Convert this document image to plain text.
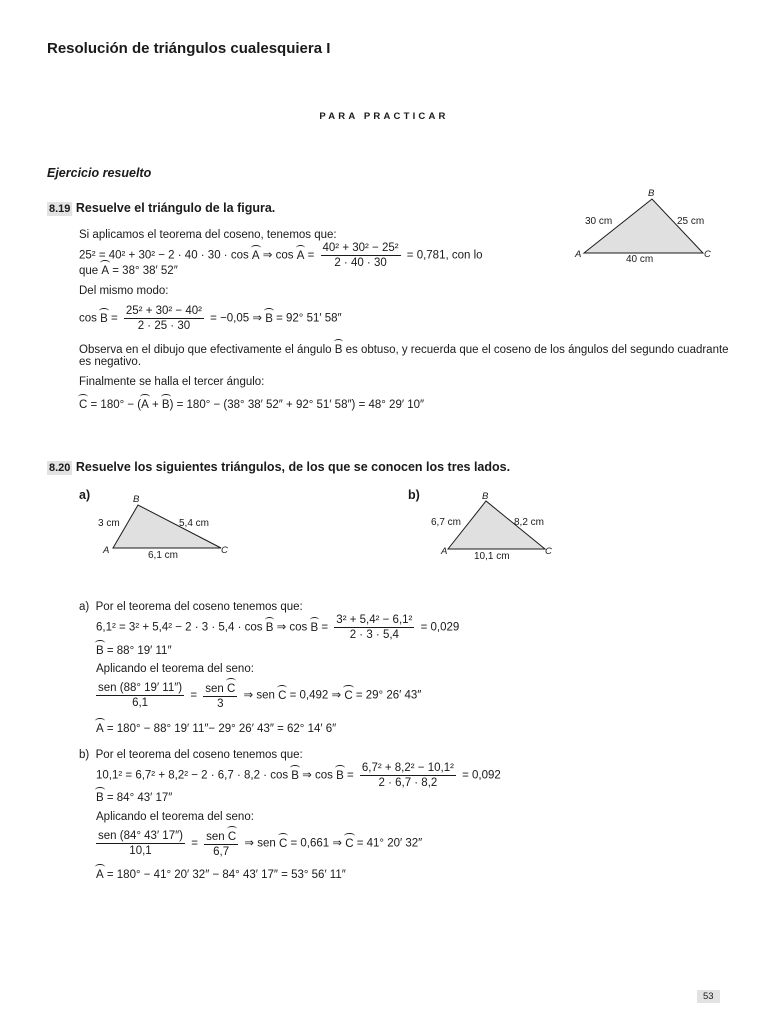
Resolución de triángulos cualesquiera I
PARA PRACTICAR
Ejercicio resuelto
8.19 Resuelve el triángulo de la figura.
B
A	C
30 cm	25 cm
40 cm
Si aplicamos el teorema del coseno, tenemos que:
25² = 40² + 30² − 2 · 40 · 30 · cos A ⇒ $\cos A = \frac{\text{40² + 30² − 25²}}{2 \cdot 40 \cdot 30} = 0,781$, con lo
que A = 38° 38′ 52″
Del mismo modo:
$\cos B = \frac{\text{25² + 30² − 40²}}{2 \cdot 25 \cdot 30} = -0,05$ ⇒ B = 92° 51′ 58″
Observa en el dibujo que efectivamente el ángulo B es obtuso, y recuerda que el coseno de los ángulos del segundo cuadrante
es negativo.
Finalmente se halla el tercer ángulo:
C = 180° − (A + B) = 180° − (38° 38′ 52″ + 92° 51′ 58″) = 48° 29′ 10″
8.20 Resuelve los siguientes triángulos, de los que se conocen los tres lados.
a)	b)
B
A	C
3 cm	5,4 cm
6,1 cm
B
A	C
6,7 cm	8,2 cm
10,1 cm
a) Por el teorema del coseno tenemos que:
6,1² = 3² + 5,4² − 2 · 3 · 5,4 · cos B ⇒ $\cos B = \frac{\text{3² + 5,4² − 6,1²}}{2 \cdot 3 \cdot 5,4} = 0,029$
B = 88° 19′ 11″
Aplicando el teorema del seno:
$\frac{\text{sen (88° 19′ 11″)}}{6,1} = \frac{\text{sen C}}{3}$ ⇒ sen C = 0,492 ⇒ C = 29° 26′ 43″
A = 180° − 88° 19′ 11″− 29° 26′ 43″ = 62° 14′ 6″
b) Por el teorema del coseno tenemos que:
10,1² = 6,7² + 8,2² − 2 · 6,7 · 8,2 · cos B ⇒ $\cos B = \frac{\text{6,7² + 8,2² − 10,1²}}{2 \cdot 6,7 \cdot 8,2} = 0,092$
B = 84° 43′ 17″
Aplicando el teorema del seno:
$\frac{\text{sen (84° 43′ 17″)}}{10,1} = \frac{\text{sen C}}{6,7}$ ⇒ sen C = 0,661 ⇒ C = 41° 20′ 32″
A = 180° − 41° 20′ 32″ − 84° 43′ 17″ = 53° 56′ 11″
53
